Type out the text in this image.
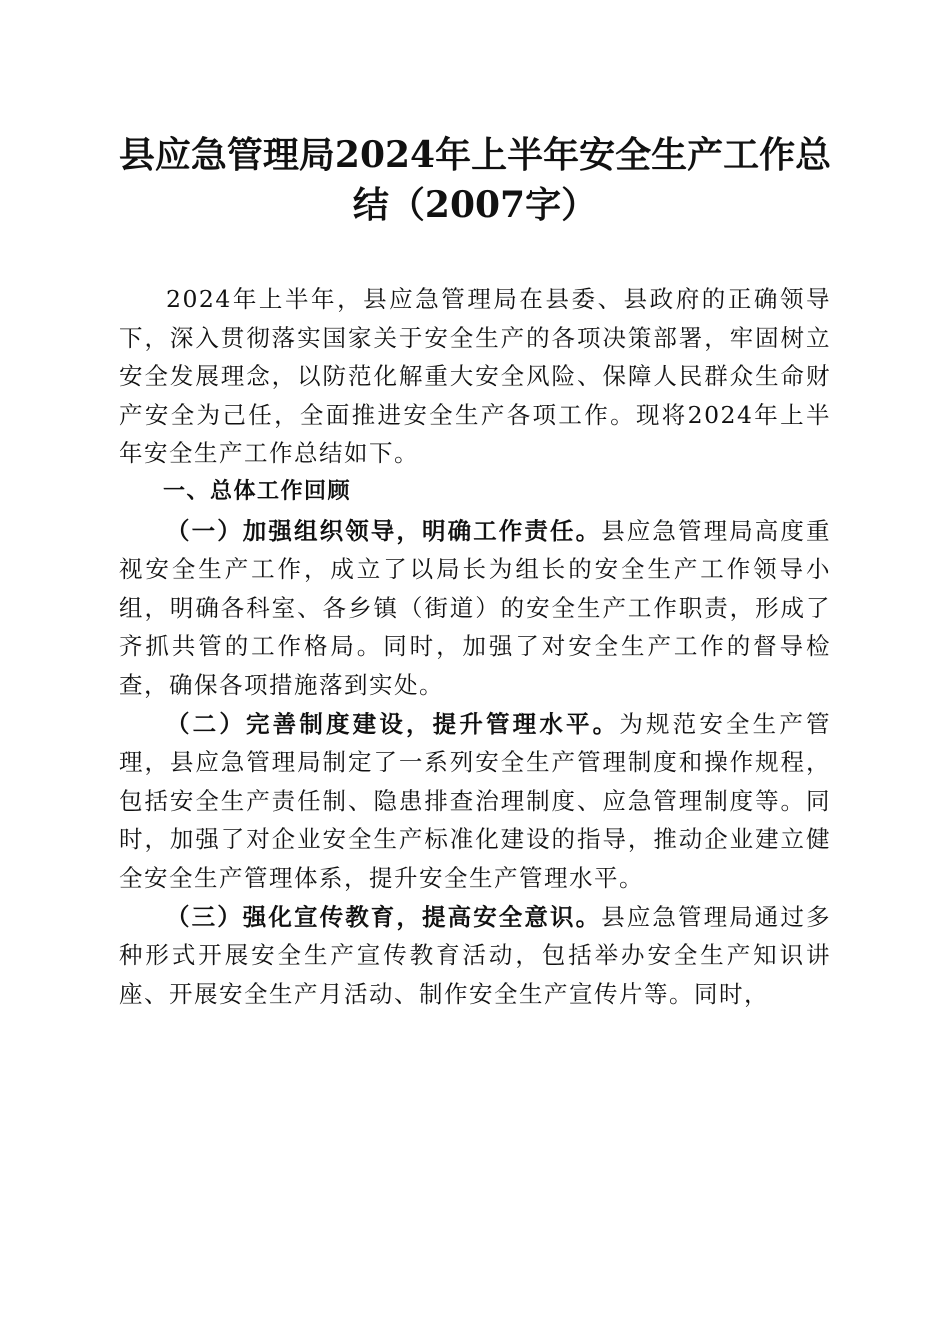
县应急管理局2024年上半年安全生产工作总结（2007字）

2024年上半年，县应急管理局在县委、县政府的正确领导下，深入贯彻落实国家关于安全生产的各项决策部署，牢固树立安全发展理念，以防范化解重大安全风险、保障人民群众生命财产安全为己任，全面推进安全生产各项工作。现将2024年上半年安全生产工作总结如下。

一、总体工作回顾

（一）加强组织领导，明确工作责任。县应急管理局高度重视安全生产工作，成立了以局长为组长的安全生产工作领导小组，明确各科室、各乡镇（街道）的安全生产工作职责，形成了齐抓共管的工作格局。同时，加强了对安全生产工作的督导检查，确保各项措施落到实处。

（二）完善制度建设，提升管理水平。为规范安全生产管理，县应急管理局制定了一系列安全生产管理制度和操作规程，包括安全生产责任制、隐患排查治理制度、应急管理制度等。同时，加强了对企业安全生产标准化建设的指导，推动企业建立健全安全生产管理体系，提升安全生产管理水平。

（三）强化宣传教育，提高安全意识。县应急管理局通过多种形式开展安全生产宣传教育活动，包括举办安全生产知识讲座、开展安全生产月活动、制作安全生产宣传片等。同时，
